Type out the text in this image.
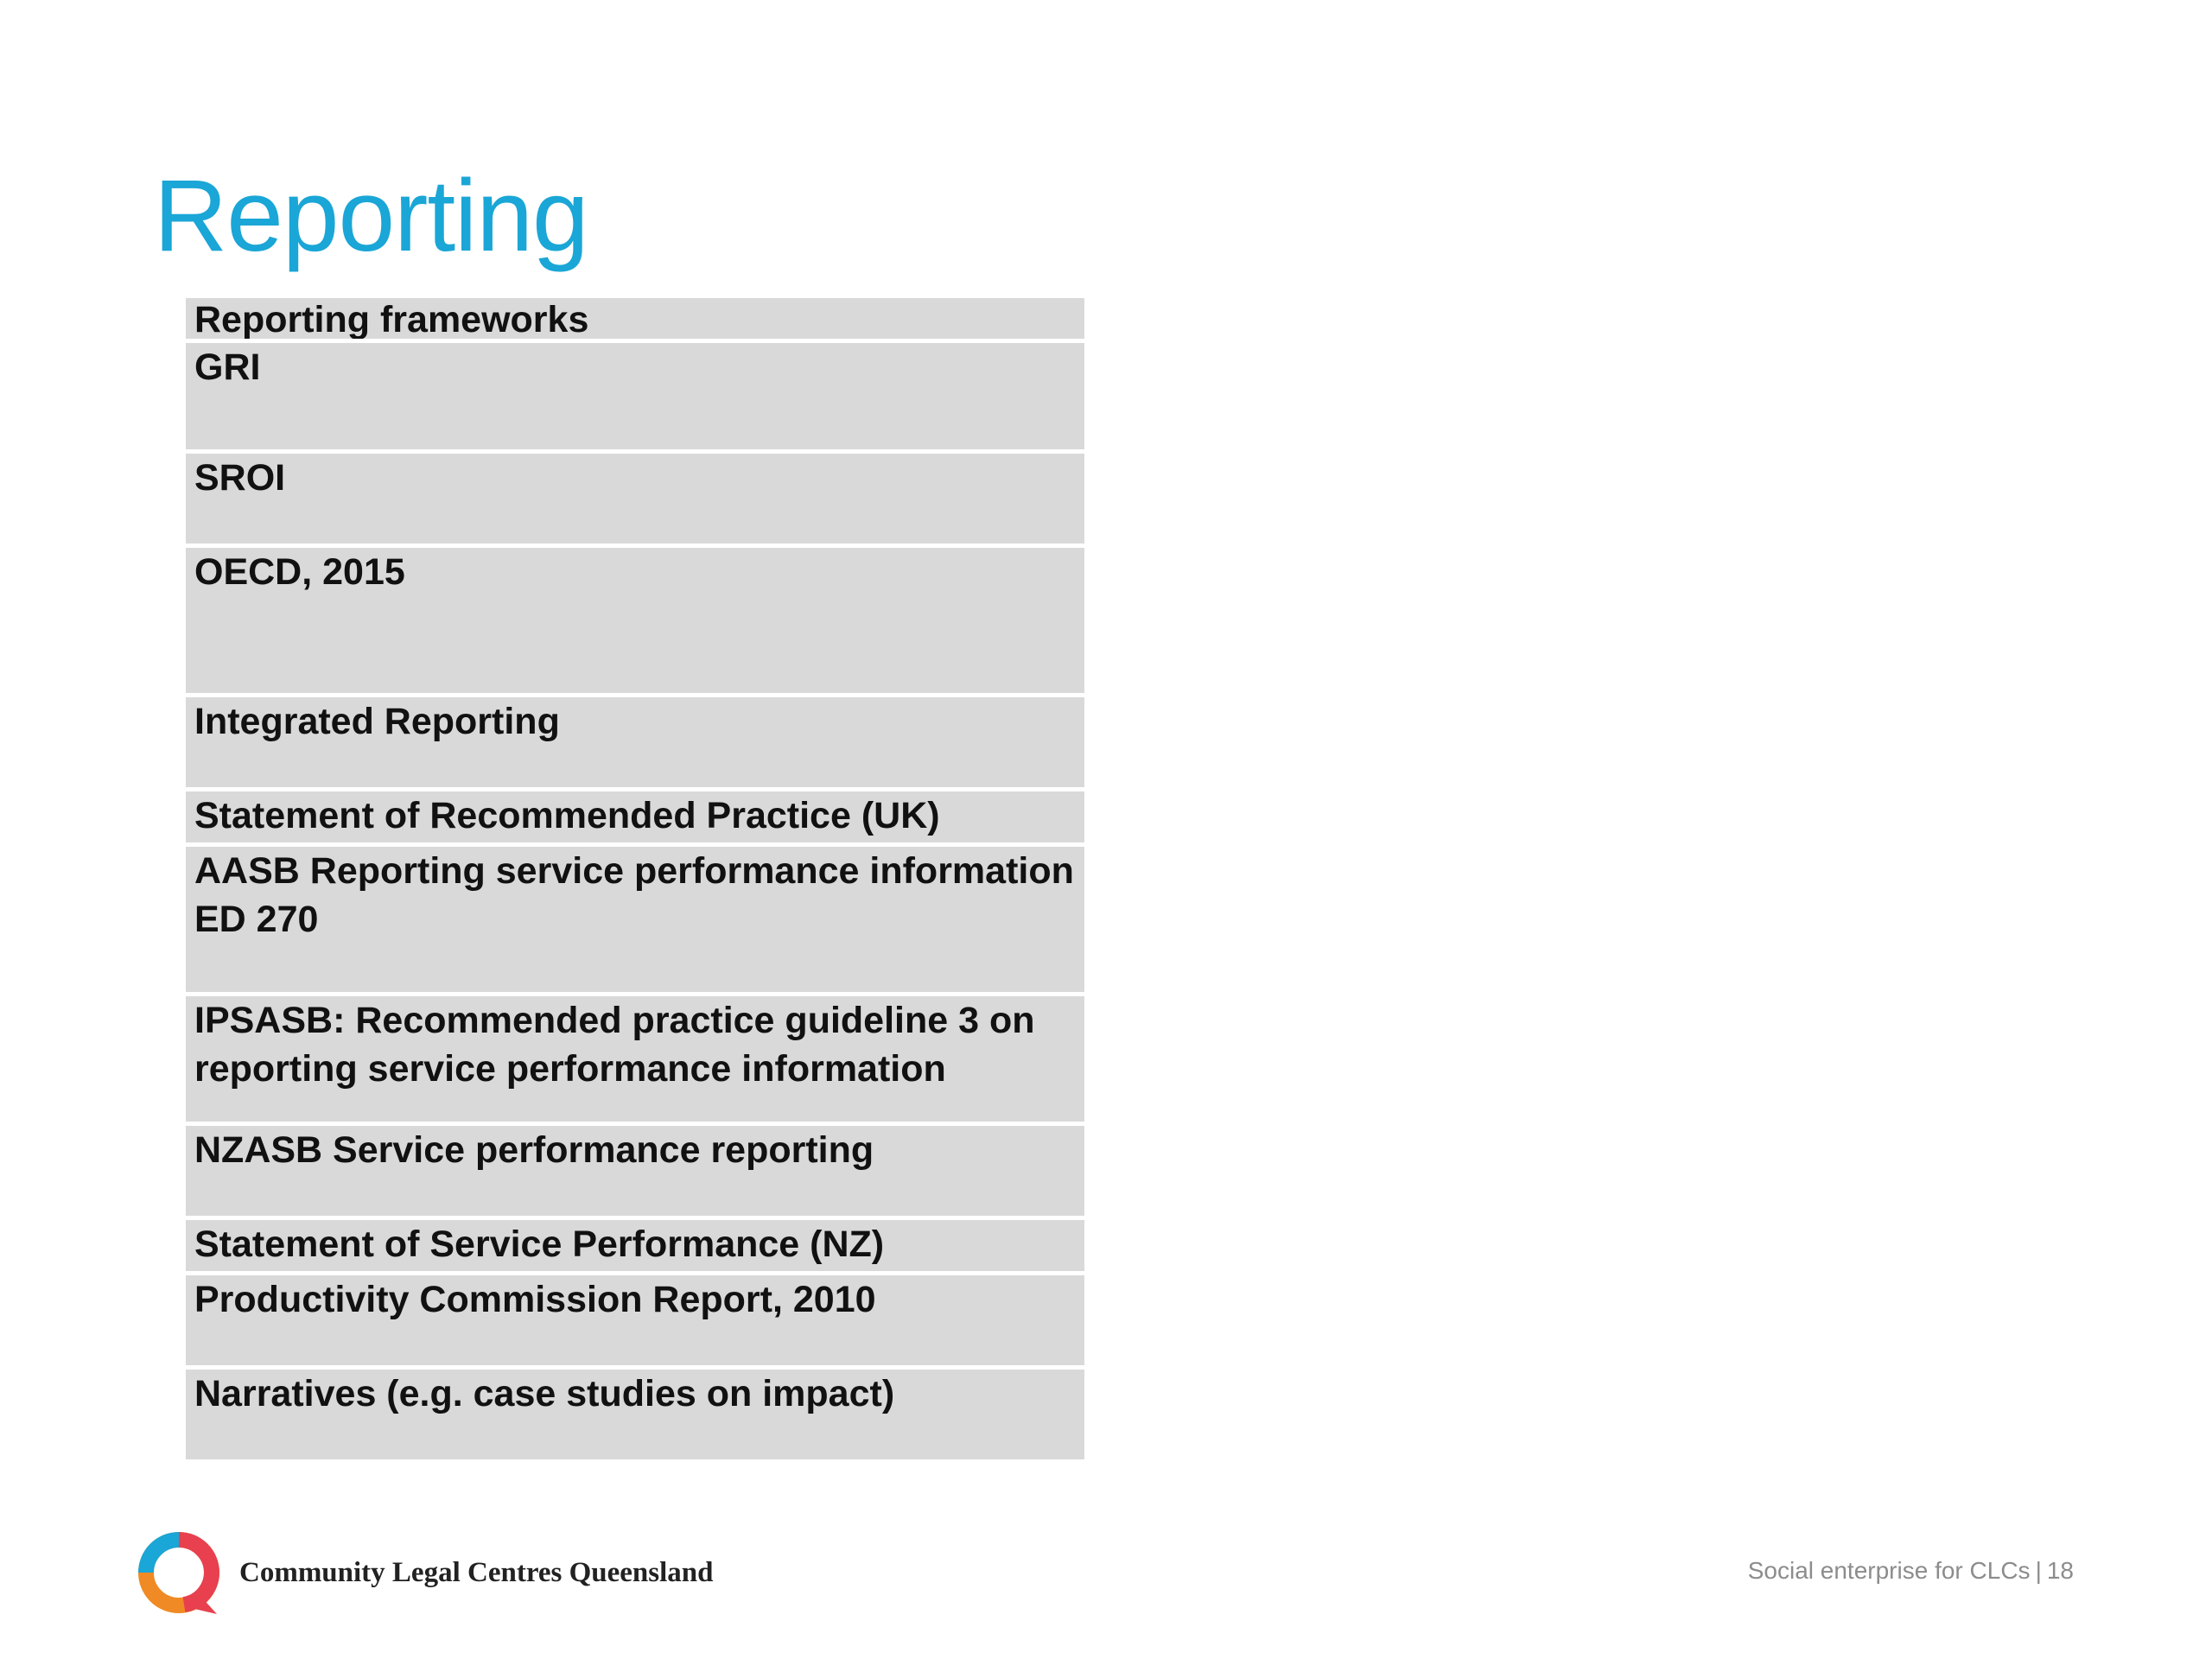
Reporting
Reporting frameworks
GRI
SROI
OECD, 2015
Integrated Reporting
Statement of Recommended Practice (UK)
AASB Reporting service performance information
ED 270
IPSASB: Recommended practice guideline 3 on
reporting service performance information
NZASB Service performance reporting
Statement of Service Performance (NZ)
Productivity Commission Report, 2010
Narratives (e.g. case studies on impact)
Community Legal Centres Queensland	Social enterprise for CLCs | 18
